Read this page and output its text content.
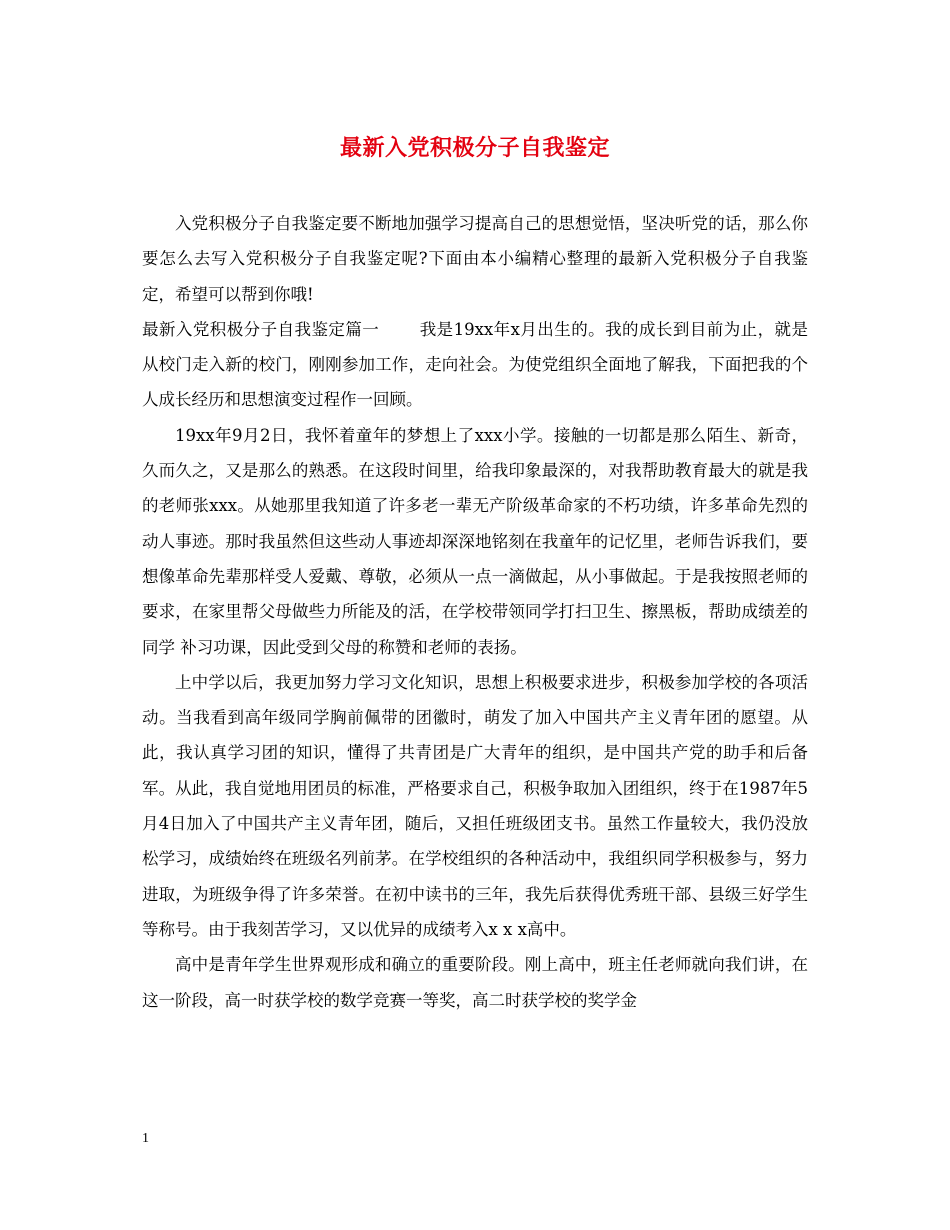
最新入党积极分子自我鉴定

入党积极分子自我鉴定要不断地加强学习提高自己的思想觉悟，坚决听党的话，那么你要怎么去写入党积极分子自我鉴定呢?下面由本小编精心整理的最新入党积极分子自我鉴定，希望可以帮到你哦!

最新入党积极分子自我鉴定篇一 我是19xx年x月出生的。我的成长到目前为止，就是从校门走入新的校门，刚刚参加工作，走向社会。为使党组织全面地了解我，下面把我的个人成长经历和思想演变过程作一回顾。

19xx年9月2日，我怀着童年的梦想上了xxx小学。接触的一切都是那么陌生、新奇，久而久之，又是那么的熟悉。在这段时间里，给我印象最深的，对我帮助教育最大的就是我的老师张xxx。从她那里我知道了许多老一辈无产阶级革命家的不朽功绩，许多革命先烈的动人事迹。那时我虽然但这些动人事迹却深深地铭刻在我童年的记忆里，老师告诉我们，要想像革命先辈那样受人爱戴、尊敬，必须从一点一滴做起，从小事做起。于是我按照老师的要求，在家里帮父母做些力所能及的活，在学校带领同学打扫卫生、擦黑板，帮助成绩差的同学 补习功课，因此受到父母的称赞和老师的表扬。

上中学以后，我更加努力学习文化知识，思想上积极要求进步，积极参加学校的各项活动。当我看到高年级同学胸前佩带的团徽时，萌发了加入中国共产主义青年团的愿望。从此，我认真学习团的知识，懂得了共青团是广大青年的组织，是中国共产党的助手和后备军。从此，我自觉地用团员的标准，严格要求自己，积极争取加入团组织，终于在1987年5月4日加入了中国共产主义青年团，随后，又担任班级团支书。虽然工作量较大，我仍没放松学习，成绩始终在班级名列前茅。在学校组织的各种活动中，我组织同学积极参与，努力进取，为班级争得了许多荣誉。在初中读书的三年，我先后获得优秀班干部、县级三好学生等称号。由于我刻苦学习，又以优异的成绩考入x x x高中。

高中是青年学生世界观形成和确立的重要阶段。刚上高中，班主任老师就向我们讲，在这一阶段，高一时获学校的数学竞赛一等奖，高二时获学校的奖学金

1
